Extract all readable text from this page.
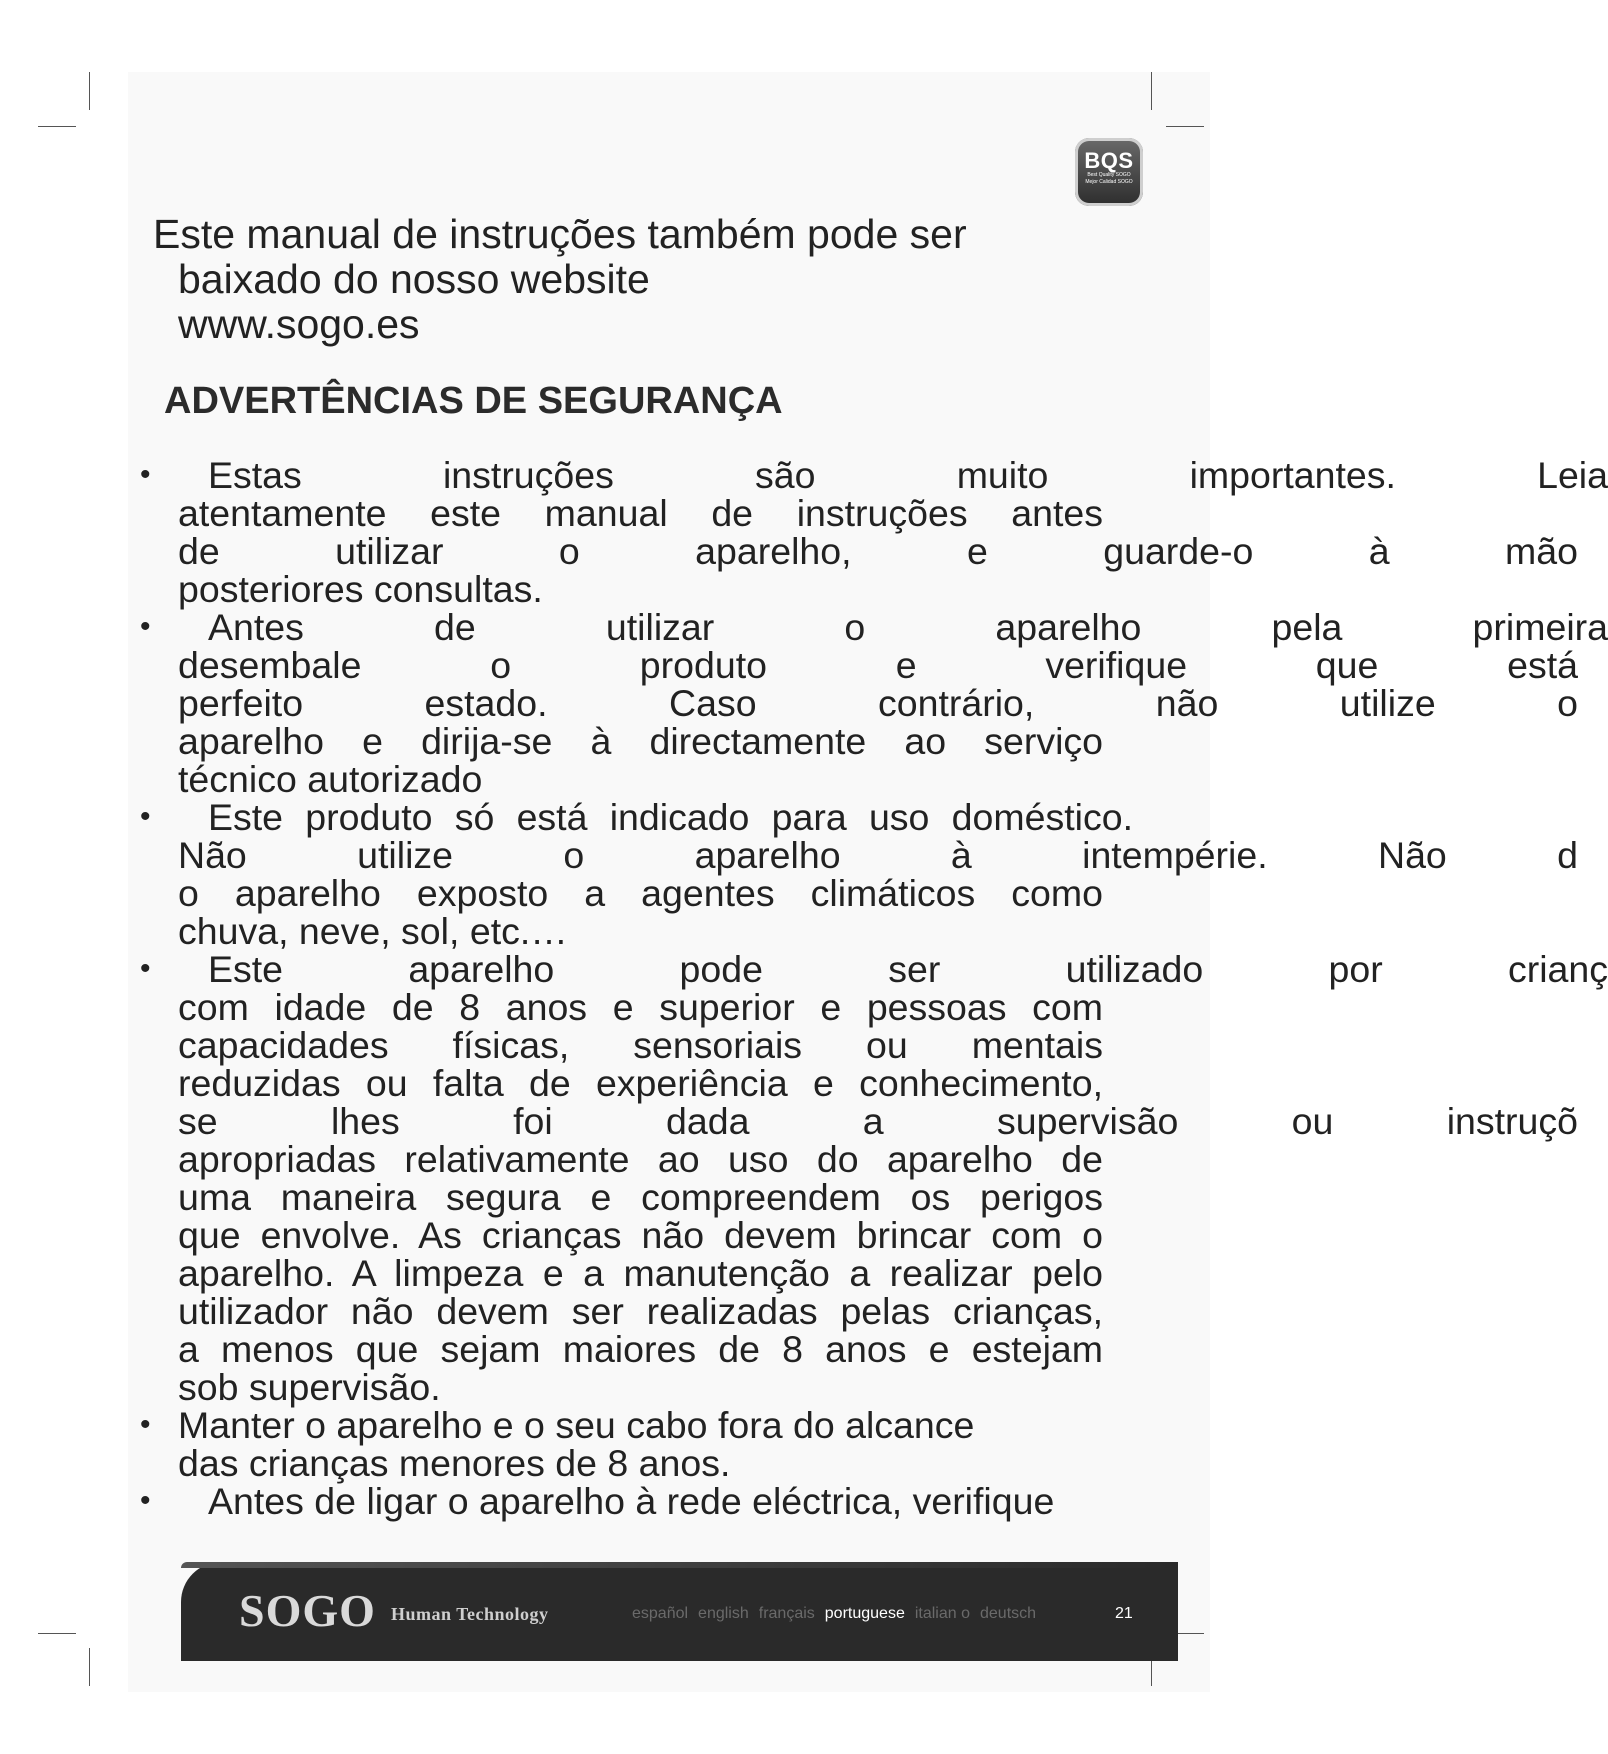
BQS
Best Quality SOGO
Mejor Calidad SOGO
Este manual de instruções também pode ser
baixado do nosso website
www.sogo.es
ADVERTÊNCIAS DE SEGURANÇA
•	Estas instruções são muito importantes. Leia
atentamente este manual de instruções antes
de utilizar o aparelho, e guarde-o à mão
posteriores consultas.
•	Antes de utilizar o aparelho pela primeira
desembale o produto e verifique que está
perfeito estado. Caso contrário, não utilize o
aparelho e dirija-se à directamente ao serviço
técnico autorizado
•	Este produto só está indicado para uso doméstico.
Não utilize o aparelho à intempérie. Não d
o aparelho exposto a agentes climáticos como
chuva, neve, sol, etc.…
•	Este aparelho pode ser utilizado por crianç
com idade de 8 anos e superior e pessoas com
capacidades físicas, sensoriais ou mentais
reduzidas ou falta de experiência e conhecimento,
se lhes foi dada a supervisão ou instruçõ
apropriadas relativamente ao uso do aparelho de
uma maneira segura e compreendem os perigos
que envolve. As crianças não devem brincar com o
aparelho. A limpeza e a manutenção a realizar pelo
utilizador não devem ser realizadas pelas crianças,
a menos que sejam maiores de 8 anos e estejam
sob supervisão.
• Manter o aparelho e o seu cabo fora do alcance
das crianças menores de 8 anos.
•	Antes de ligar o aparelho à rede eléctrica, verifique
SOGO Human Technology	español english français portuguese italian o deutsch	21
